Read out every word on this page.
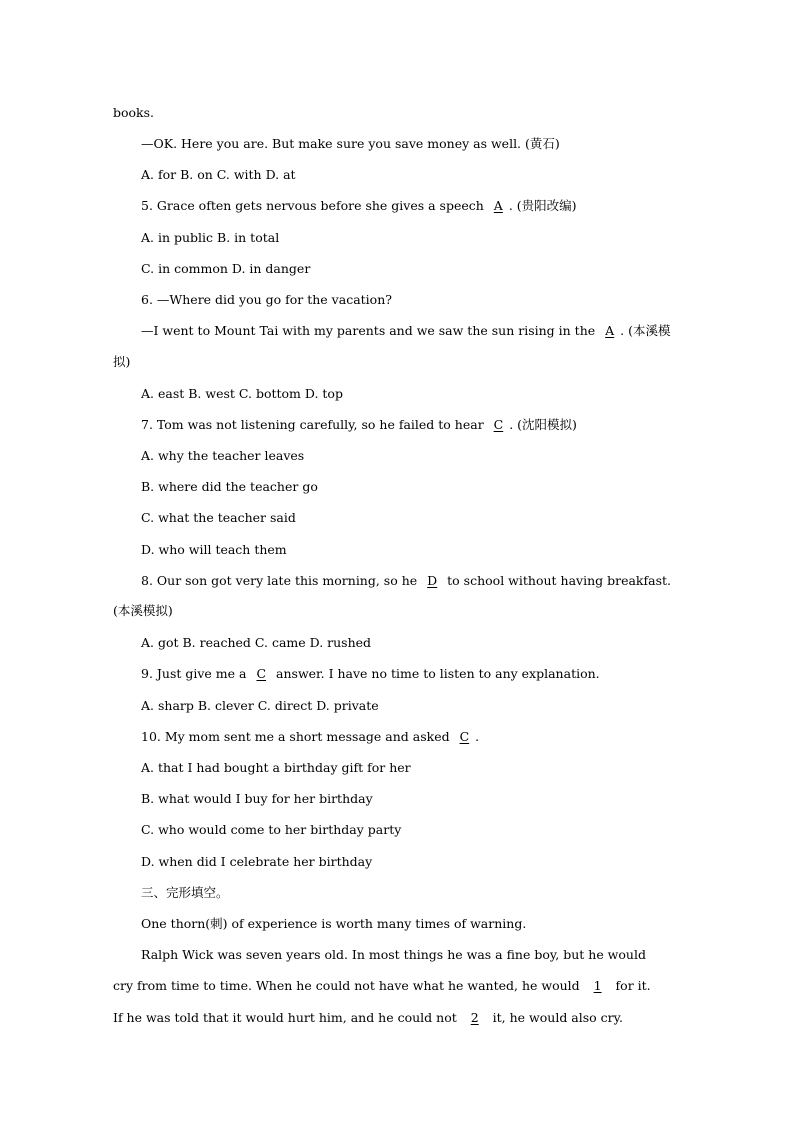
books.
—OK. Here you are. But make sure you save money as well. (黄石)
A. for B. on C. with D. at
5. Grace often gets nervous before she gives a speech A . (贵阳改编)
A. in public B. in total
C. in common D. in danger
6. —Where did you go for the vacation?
—I went to Mount Tai with my parents and we saw the sun rising in the A . (本溪模
拟)
A. east B. west C. bottom D. top
7. Tom was not listening carefully, so he failed to hear C . (沈阳模拟)
A. why the teacher leaves
B. where did the teacher go
C. what the teacher said
D. who will teach them
8. Our son got very late this morning, so he D to school without having breakfast.
(本溪模拟)
A. got B. reached C. came D. rushed
9. Just give me a C answer. I have no time to listen to any explanation.
A. sharp B. clever C. direct D. private
10. My mom sent me a short message and asked C .
A. that I had bought a birthday gift for her
B. what would I buy for her birthday
C. who would come to her birthday party
D. when did I celebrate her birthday
三、完形填空。
One thorn(刺) of experience is worth many times of warning.
Ralph Wick was seven years old. In most things he was a fine boy, but he would
cry from time to time. When he could not have what he wanted, he would 1 for it.
If he was told that it would hurt him, and he could not 2 it, he would also cry.
